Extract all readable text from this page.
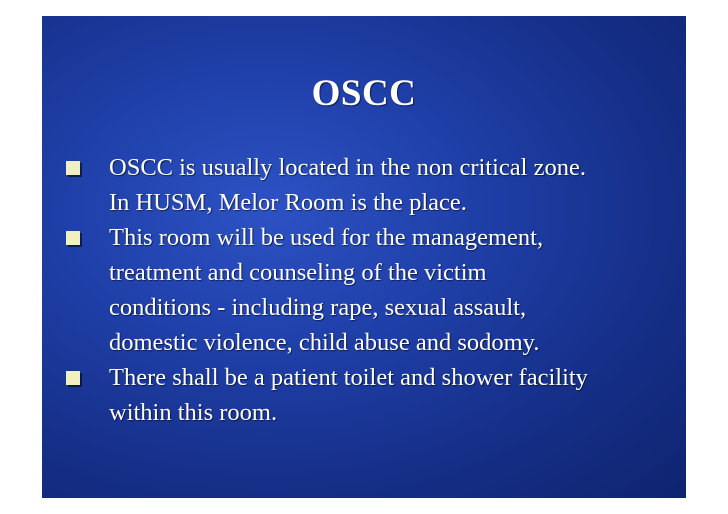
OSCC
OSCC is usually located in the non critical zone.
In HUSM, Melor Room is the place.
This room will be used for the management,
treatment and counseling of the victim
conditions - including rape, sexual assault,
domestic violence, child abuse and sodomy.
There shall be a patient toilet and shower facility
within this room.
